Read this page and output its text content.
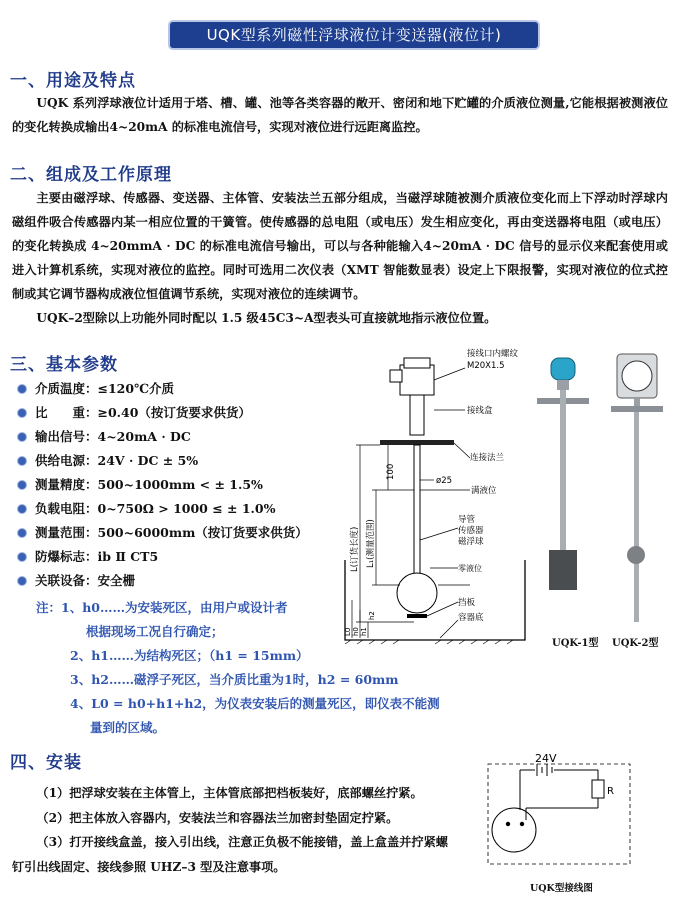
UQK型系列磁性浮球液位计变送器(液位计)
一、用途及特点

UQK 系列浮球液位计适用于塔、槽、罐、池等各类容器的敞开、密闭和地下贮罐的介质液位测量,它能根据被测液位的变化转换成输出4~20mA 的标准电流信号，实现对液位进行远距离监控。

二、组成及工作原理

主要由磁浮球、传感器、变送器、主体管、安装法兰五部分组成，当磁浮球随被测介质液位变化而上下浮动时浮球内磁组件吸合传感器内某一相应位置的干簧管。使传感器的总电阻（或电压）发生相应变化，再由变送器将电阻（或电压）的变化转换成 4~20mmA · DC 的标准电流信号输出，可以与各种能输入4~20mA · DC 信号的显示仪来配套使用或进入计算机系统，实现对液位的监控。同时可选用二次仪表（XMT 智能数显表）设定上下限报警，实现对液位的位式控制或其它调节器构成液位恒值调节系统，实现对液位的连续调节。

UQK–2型除以上功能外同时配以 1.5 级45C3~A型表头可直接就地指示液位位置。

三、基本参数
介质温度：≤120℃介质
比　　重：≥0.40（按订货要求供货）
输出信号：4~20mA · DC
供给电源：24V · DC ± 5%
测量精度：500~1000mm < ± 1.5%
负载电阻：0~750Ω > 1000 ≤ ± 1.0%
测量范围：500~6000mm（按订货要求供货）
防爆标志：ib Ⅱ CT5
关联设备：安全栅
注：1、h0……为安装死区，由用户或设计者
根据现场工况自行确定；
2、h1……为结构死区；（h1 = 15mm）
3、h2……磁浮子死区，当介质比重为1时，h2 = 60mm
4、L0 = h0+h1+h2，为仪表安装后的测量死区，即仪表不能测
量到的区域。
接线口内螺纹
M20X1.5
接线盒
连接法兰
ø25
满液位
导管
传感器
磁浮球
零液位
挡板
容器底
100
L(订货长度) L₁(测量范围)
L0 h0 h1
h2
UQK-1型 UQK-2型
四、安装

（1）把浮球安装在主体管上，主体管底部把档板装好，底部螺丝拧紧。

（2）把主体放入容器内，安装法兰和容器法兰加密封垫固定拧紧。

（3）打开接线盒盖，接入引出线，注意正负极不能接错，盖上盒盖并拧紧螺钉引出线固定、接线参照 UHZ–3 型及注意事项。

24V
R
UQK型接线图
